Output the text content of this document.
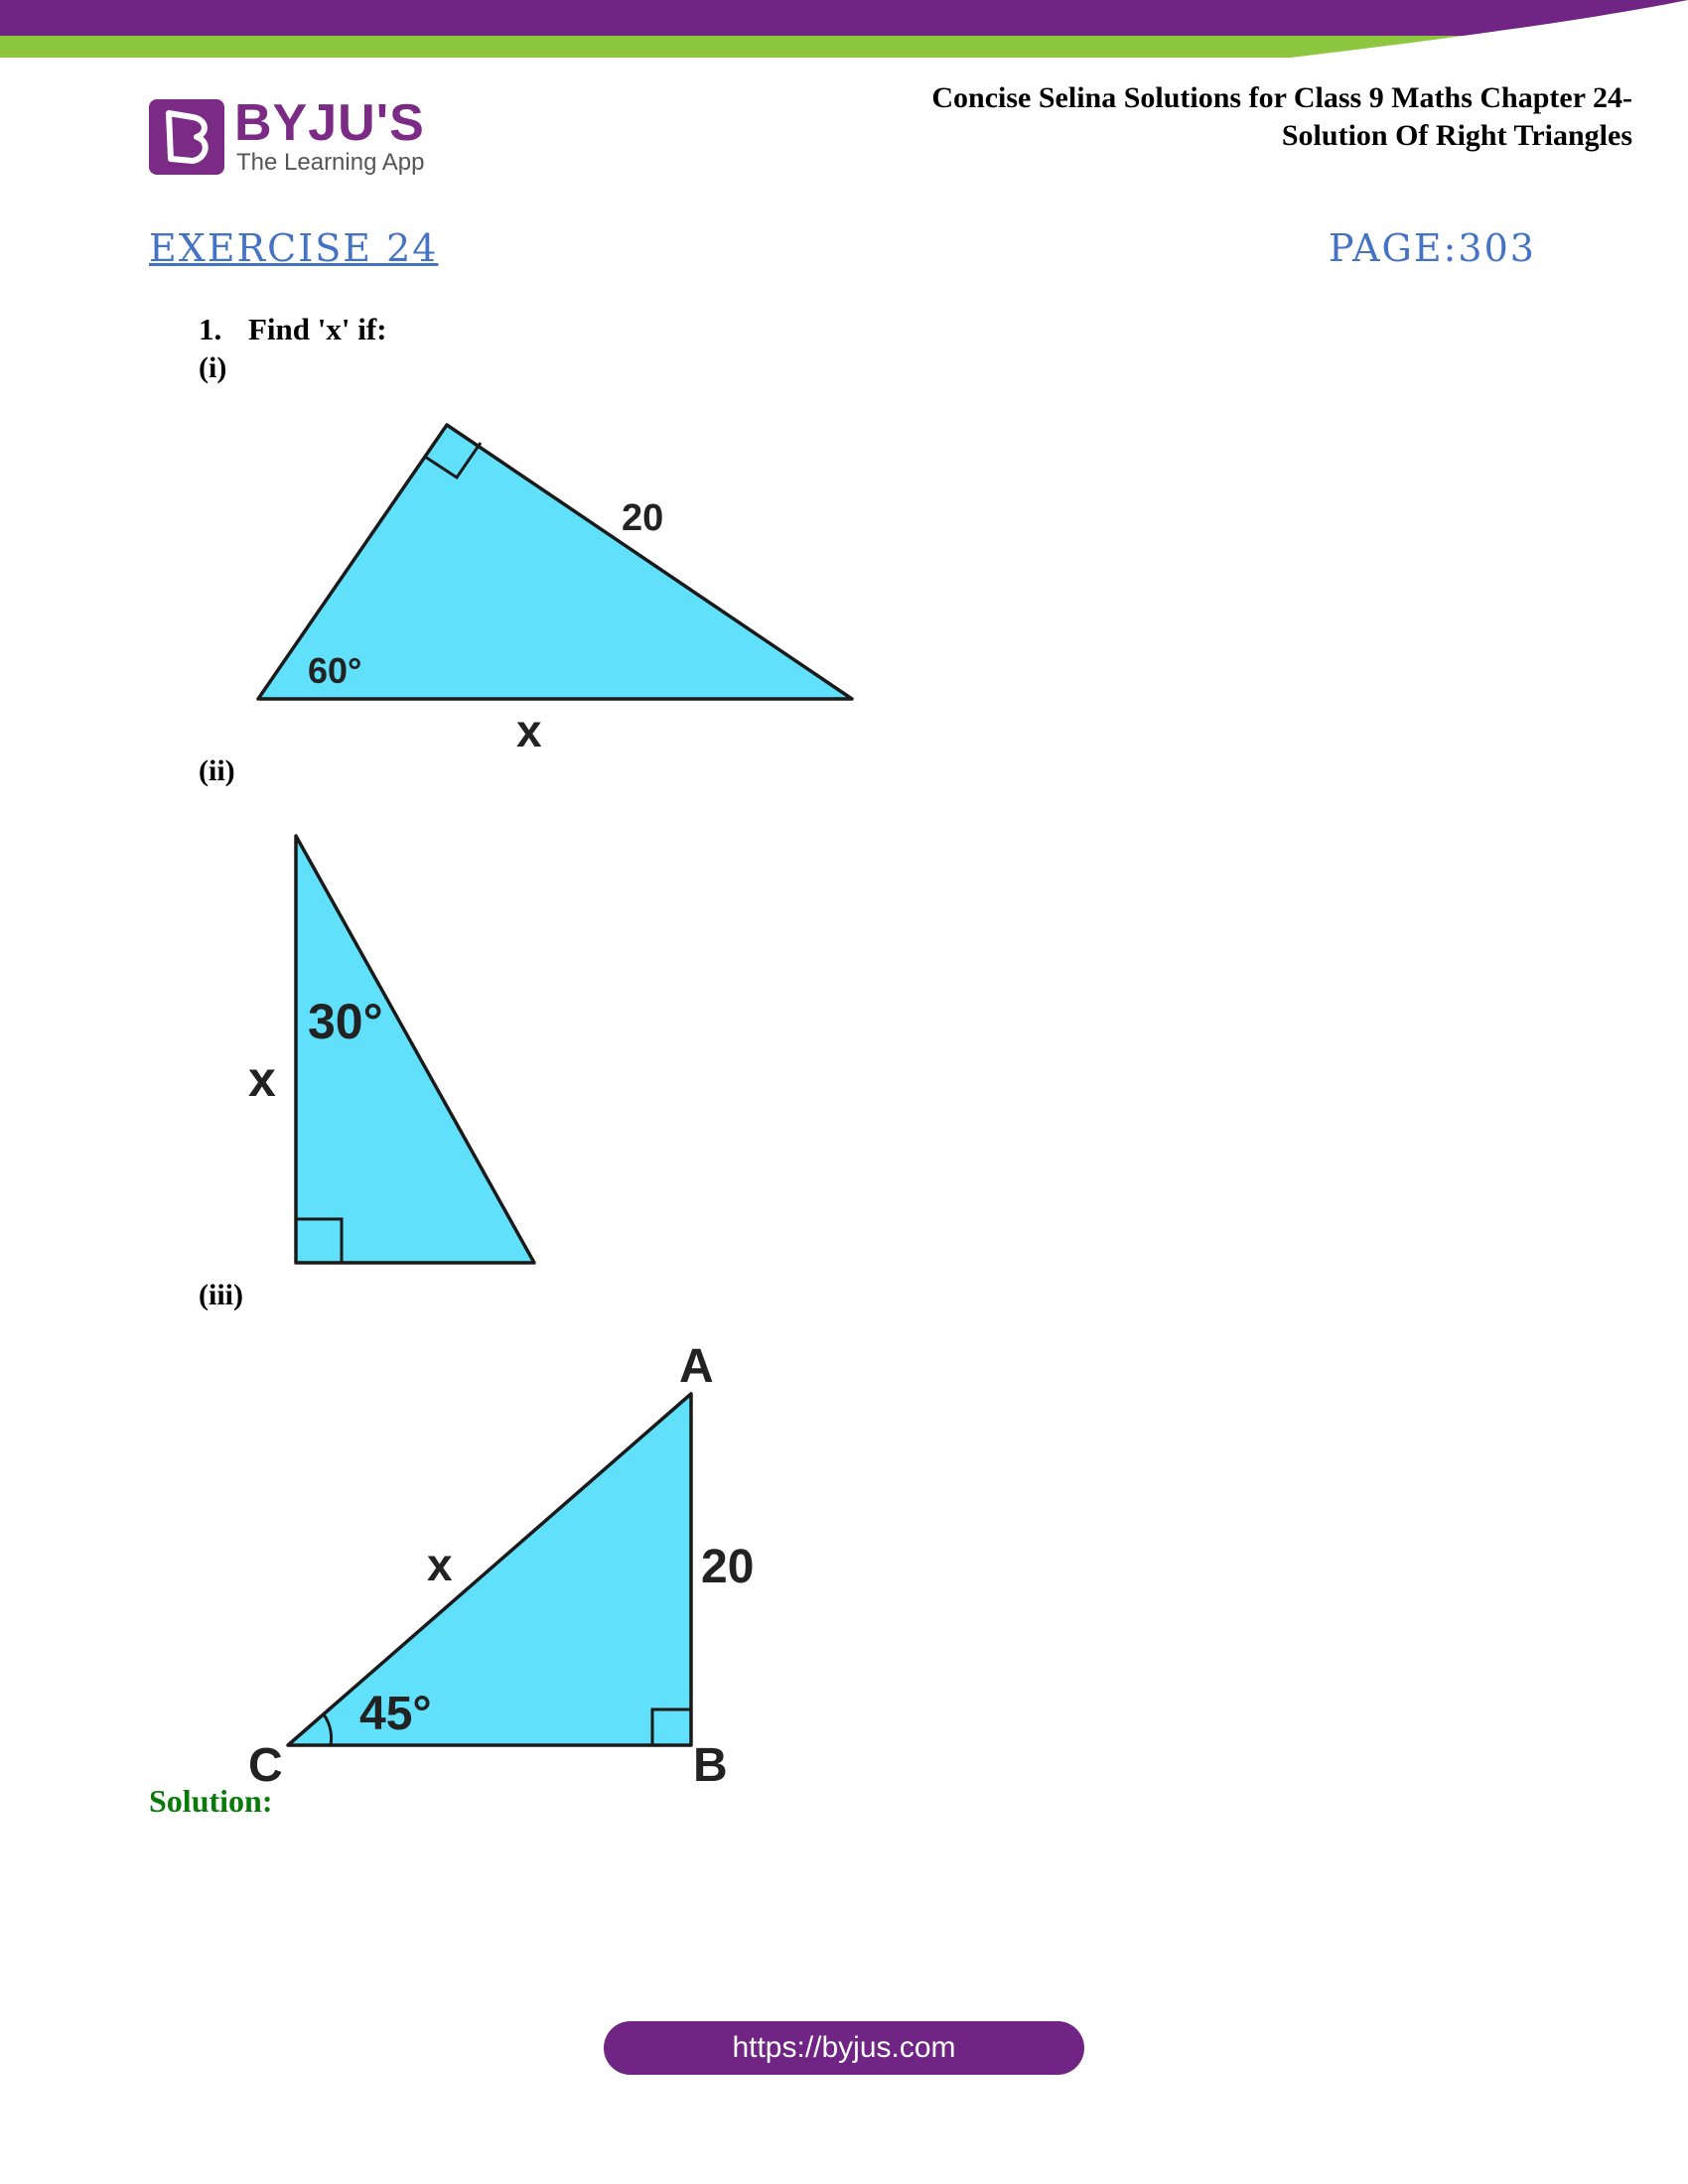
BYJU'S
The Learning App
Concise Selina Solutions for Class 9 Maths Chapter 24-
Solution Of Right Triangles
EXERCISE 24	PAGE:303
1. Find 'x' if:
(i)
(ii)
(iii)
20
60°
x
30°
x
A
B
C
20
45°
x
Solution:
https://byjus.com
